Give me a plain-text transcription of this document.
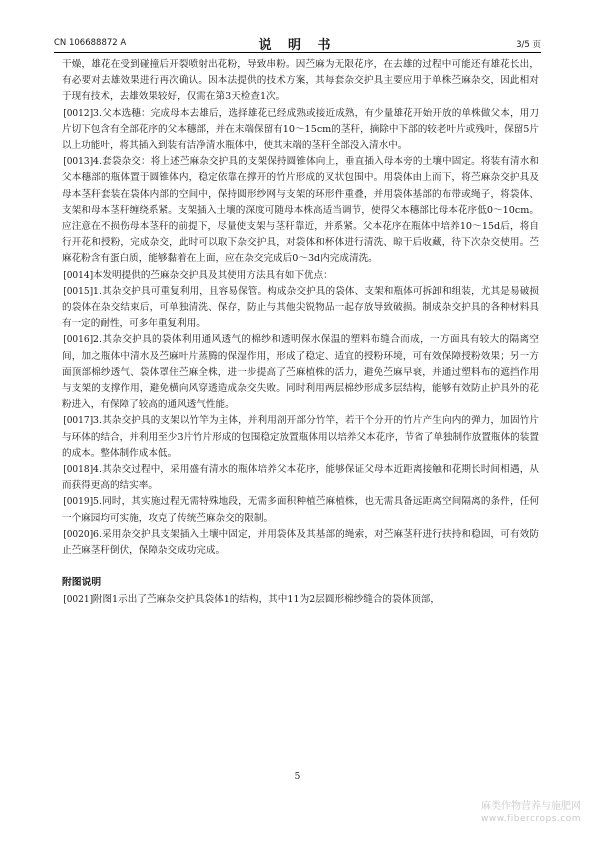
CN 106688872 A	说 明 书	3/5 页

干燥，雄花在受到碰撞后开裂喷射出花粉，导致串粉。因苎麻为无限花序，在去雄的过程中可能还有雄花长出，有必要对去雄效果进行再次确认。因本法提供的技术方案，其每套杂交护具主要应用于单株苎麻杂交，因此相对于现有技术，去雄效果较好，仅需在第3天检查1次。

[0012]3.父本选穗：完成母本去雄后，选择雄花已经成熟或接近成熟，有少量雄花开始开放的单株做父本，用刀片切下包含有全部花序的父本穗部，并在末端保留有10～15cm的茎秆，摘除中下部的较老叶片或残叶，保留5片以上功能叶，将其插入到装有洁净清水瓶体中，使其末端的茎秆全部没入清水中。

[0013]4.套袋杂交：将上述苎麻杂交护具的支架保持圆锥体向上，垂直插入母本旁的土壤中固定。将装有清水和父本穗部的瓶体置于圆锥体内，稳定依靠在撑开的竹片形成的叉状包围中。用袋体由上而下，将苎麻杂交护具及母本茎秆套装在袋体内部的空间中，保持圆形纱网与支架的环形件重叠，并用袋体基部的布带或绳子，将袋体、支架和母本茎秆缠绕系紧。支架插入土壤的深度可随母本株高适当调节，使得父本穗部比母本花序低0～10cm。应注意在不损伤母本茎秆的前提下，尽量使支架与茎秆靠近，并系紧。父本花序在瓶体中培养10～15d后，将自行开花和授粉，完成杂交，此时可以取下杂交护具，对袋体和杯体进行清洗、晾干后收藏，待下次杂交使用。苎麻花粉含有蛋白质，能够黏着在上面，应在杂交完成后0～3d内完成清洗。

[0014]本发明提供的苎麻杂交护具及其使用方法具有如下优点：

[0015]1.其杂交护具可重复利用，且容易保管。构成杂交护具的袋体、支架和瓶体可拆卸和组装，尤其是易破损的袋体在杂交结束后，可单独清洗、保存，防止与其他尖锐物品一起存放导致破损。制成杂交护具的各种材料具有一定的耐性，可多年重复利用。

[0016]2.其杂交护具的袋体利用通风透气的棉纱和透明保水保温的塑料布缝合而成，一方面具有较大的隔离空间，加之瓶体中清水及苎麻叶片蒸腾的保湿作用，形成了稳定、适宜的授粉环境，可有效保障授粉效果；另一方面顶部棉纱透气、袋体罩住苎麻全株，进一步提高了苎麻植株的活力，避免苎麻早衰，并通过塑料布的遮挡作用与支架的支撑作用，避免横向风穿透造成杂交失败。同时利用两层棉纱形成多层结构，能够有效防止护具外的花粉进入，有保障了较高的通风透气性能。

[0017]3.其杂交护具的支架以竹竿为主体，并利用剖开部分竹竿，若干个分开的竹片产生向内的弹力，加固竹片与环体的结合，并利用至少3片竹片形成的包围稳定放置瓶体用以培养父本花序，节省了单独制作放置瓶体的装置的成本。整体制作成本低。

[0018]4.其杂交过程中，采用盛有清水的瓶体培养父本花序，能够保证父母本近距离接触和花期长时间相遇，从而获得更高的结实率。

[0019]5.同时，其实施过程无需特殊地段，无需多面积种植苎麻植株，也无需具备远距离空间隔离的条件，任何一个麻园均可实施，攻克了传统苎麻杂交的限制。

[0020]6.采用杂交护具支架插入土壤中固定，并用袋体及其基部的绳索，对苎麻茎秆进行扶持和稳固，可有效防止苎麻茎秆倒伏，保障杂交成功完成。

附图说明

[0021]附图1示出了苎麻杂交护具袋体1的结构，其中11为2层圆形棉纱缝合的袋体顶部，

5
麻类作物营养与施肥网
www.fibercrops.com
